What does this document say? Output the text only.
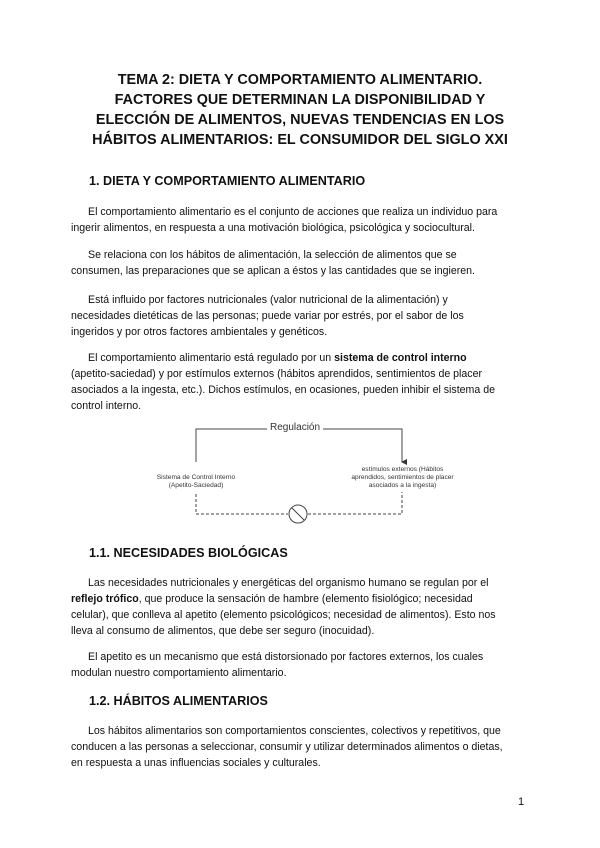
TEMA 2: DIETA Y COMPORTAMIENTO ALIMENTARIO.
FACTORES QUE DETERMINAN LA DISPONIBILIDAD Y
ELECCIÓN DE ALIMENTOS, NUEVAS TENDENCIAS EN LOS
HÁBITOS ALIMENTARIOS: EL CONSUMIDOR DEL SIGLO XXI
1. DIETA Y COMPORTAMIENTO ALIMENTARIO

El comportamiento alimentario es el conjunto de acciones que realiza un individuo para
ingerir alimentos, en respuesta a una motivación biológica, psicológica y sociocultural.

Se relaciona con los hábitos de alimentación, la selección de alimentos que se
consumen, las preparaciones que se aplican a éstos y las cantidades que se ingieren.

Está influido por factores nutricionales (valor nutricional de la alimentación) y
necesidades dietéticas de las personas; puede variar por estrés, por el sabor de los
ingeridos y por otros factores ambientales y genéticos.

El comportamiento alimentario está regulado por un sistema de control interno
(apetito-saciedad) y por estímulos externos (hábitos aprendidos, sentimientos de placer
asociados a la ingesta, etc.). Dichos estímulos, en ocasiones, pueden inhibir el sistema de
control interno.

Regulación
Sistema de Control Interno
(Apetito-Saciedad)
estímulos externos (Hábitos
aprendidos, sentimientos de placer
asociados a la ingesta)
1.1. NECESIDADES BIOLÓGICAS

Las necesidades nutricionales y energéticas del organismo humano se regulan por el
reflejo trófico, que produce la sensación de hambre (elemento fisiológico; necesidad
celular), que conlleva al apetito (elemento psicológicos; necesidad de alimentos). Esto nos
lleva al consumo de alimentos, que debe ser seguro (inocuidad).

El apetito es un mecanismo que está distorsionado por factores externos, los cuales
modulan nuestro comportamiento alimentario.

1.2. HÁBITOS ALIMENTARIOS

Los hábitos alimentarios son comportamientos conscientes, colectivos y repetitivos, que
conducen a las personas a seleccionar, consumir y utilizar determinados alimentos o dietas,
en respuesta a unas influencias sociales y culturales.

1
